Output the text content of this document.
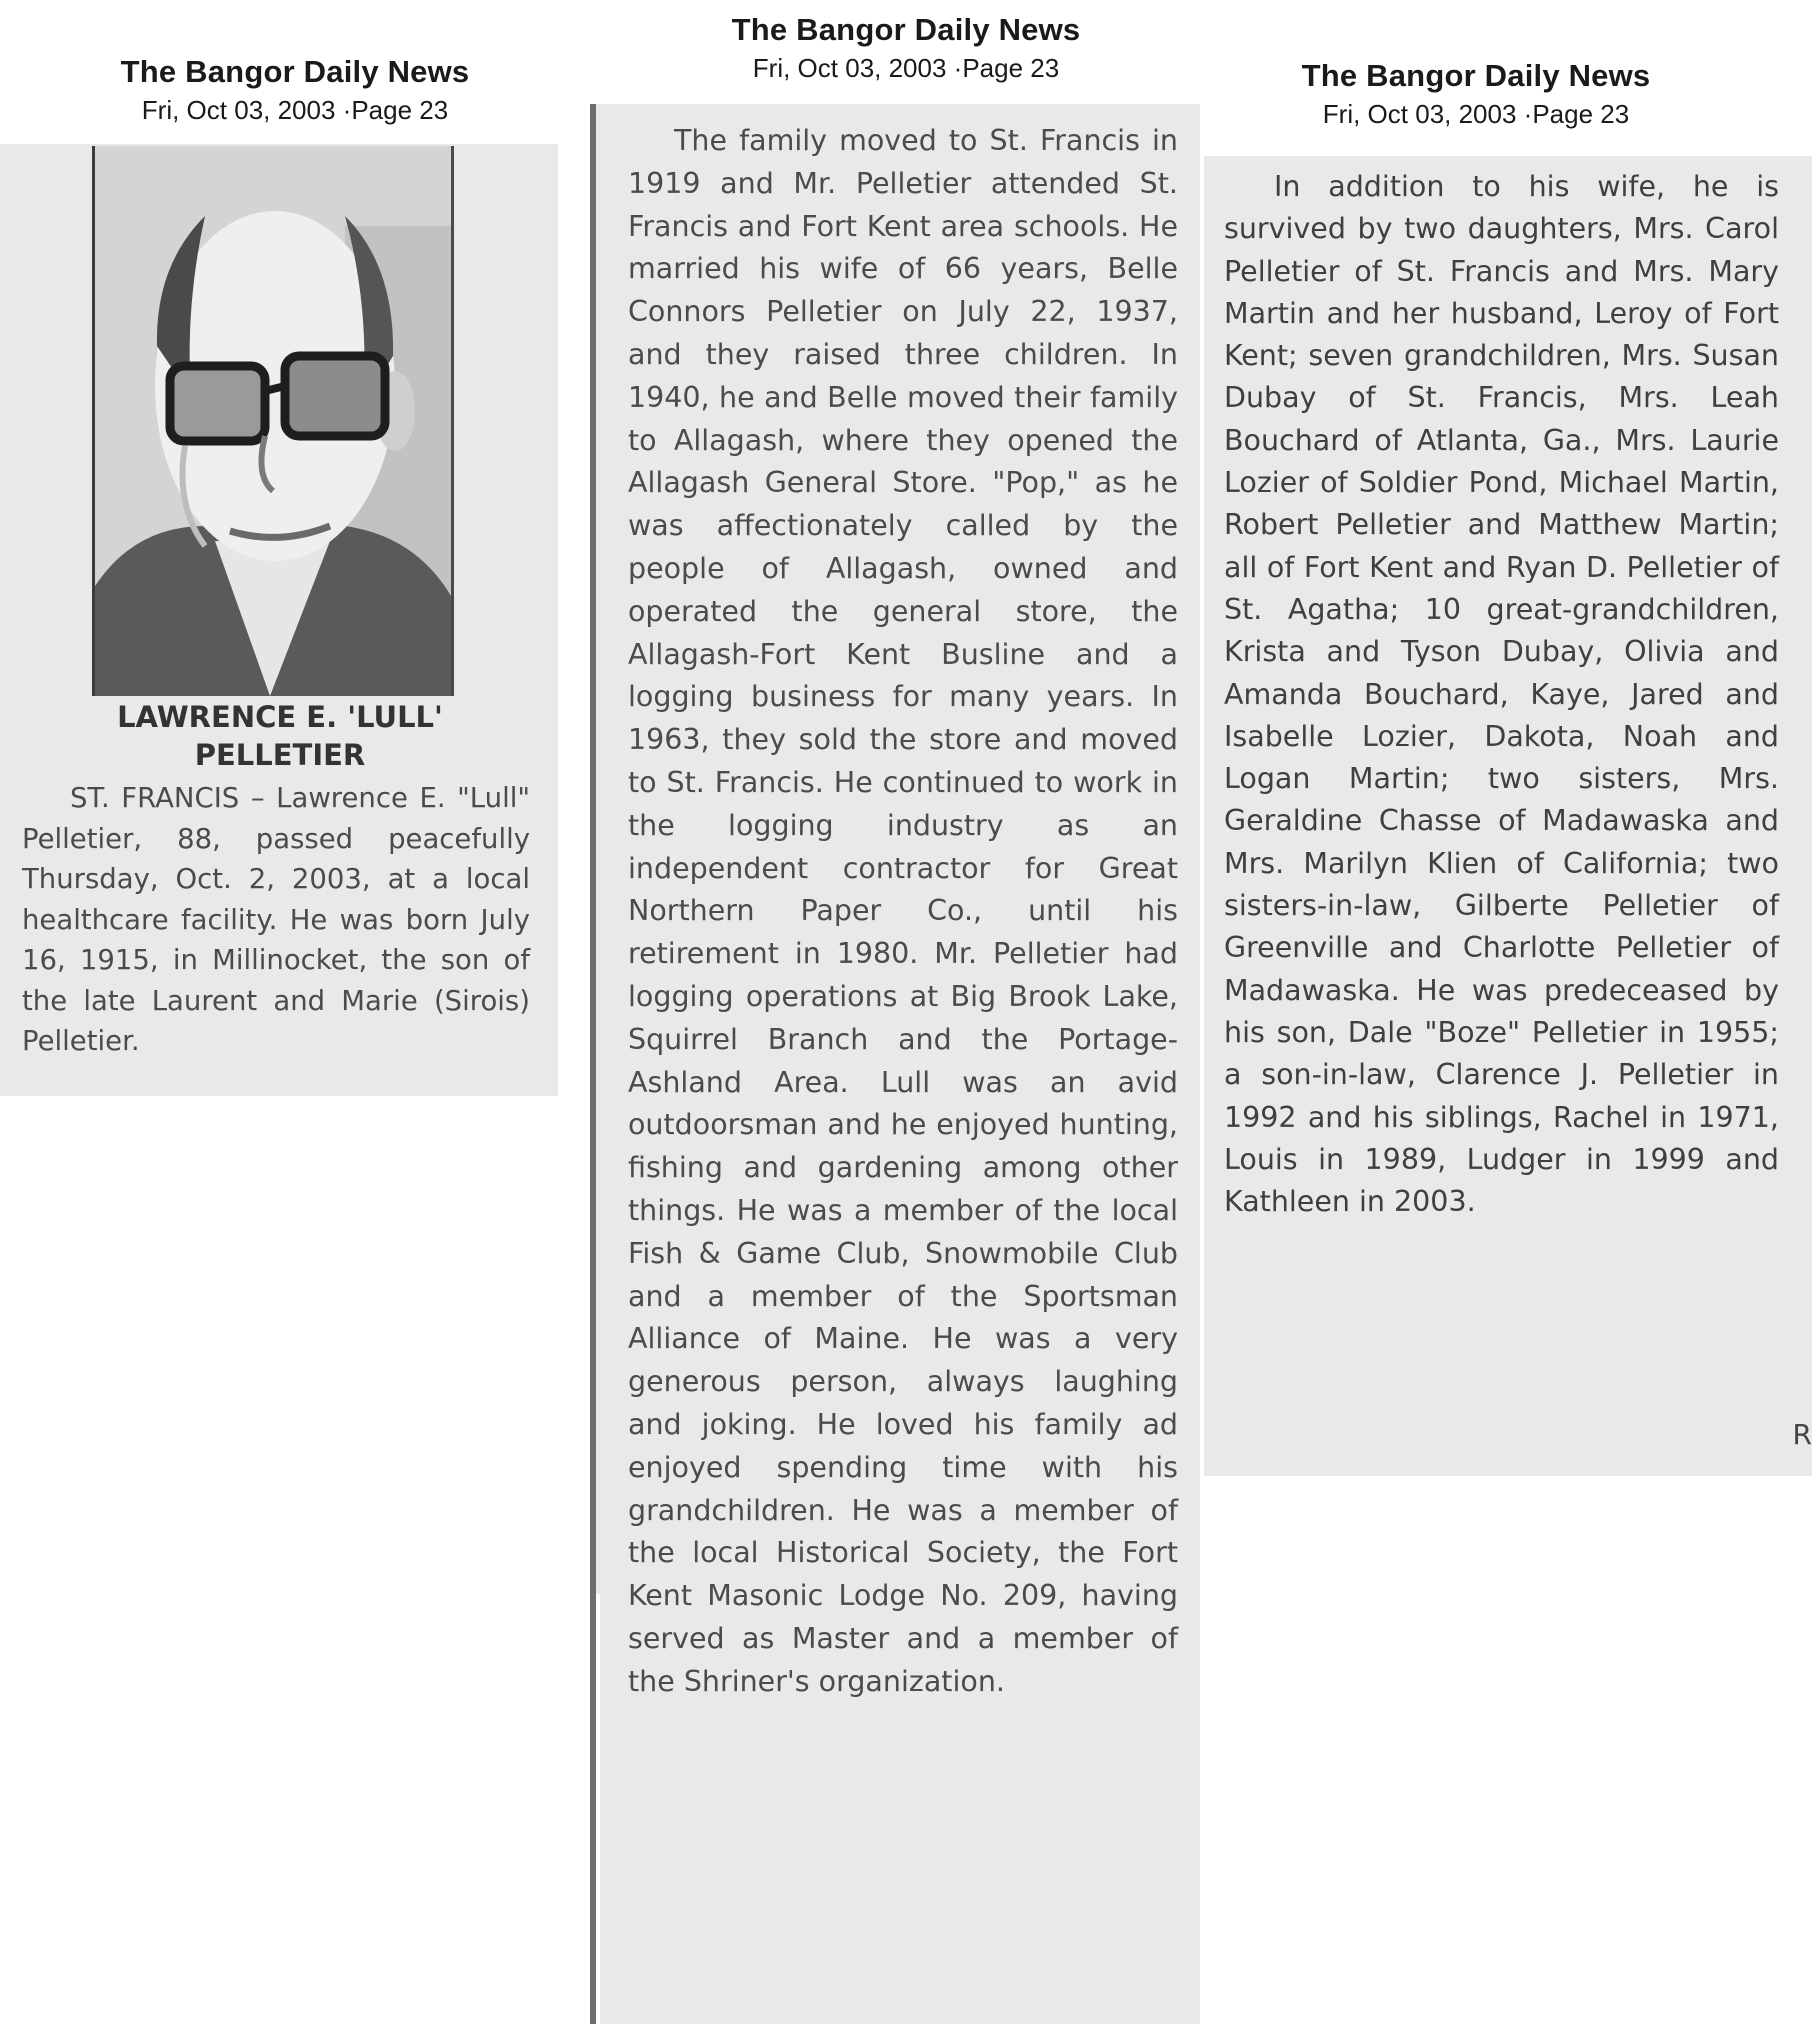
The Bangor Daily News
Fri, Oct 03, 2003 ·Page 23
LAWRENCE E. 'LULL'
PELLETIER

ST. FRANCIS – Lawrence E. "Lull" Pelletier, 88, passed peacefully Thursday, Oct. 2, 2003, at a local healthcare facility. He was born July 16, 1915, in Millinocket, the son of the late Laurent and Marie (Sirois) Pelletier.

The Bangor Daily News
Fri, Oct 03, 2003 ·Page 23

The family moved to St. Francis in 1919 and Mr. Pelletier attended St. Francis and Fort Kent area schools. He married his wife of 66 years, Belle Connors Pelletier on July 22, 1937, and they raised three children. In 1940, he and Belle moved their family to Allagash, where they opened the Allagash General Store. "Pop," as he was affectionately called by the people of Allagash, owned and operated the general store, the Allagash-Fort Kent Busline and a logging business for many years. In 1963, they sold the store and moved to St. Francis. He continued to work in the logging industry as an independent contractor for Great Northern Paper Co., until his retirement in 1980. Mr. Pelletier had logging operations at Big Brook Lake, Squirrel Branch and the Portage-Ashland Area. Lull was an avid outdoorsman and he enjoyed hunting, fishing and gardening among other things. He was a member of the local Fish & Game Club, Snowmobile Club and a member of the Sportsman Alliance of Maine. He was a very generous person, always laughing and joking. He loved his family ad enjoyed spending time with his grandchildren. He was a member of the local Historical Society, the Fort Kent Masonic Lodge No. 209, having served as Master and a member of the Shriner's organization.

The Bangor Daily News
Fri, Oct 03, 2003 ·Page 23

In addition to his wife, he is survived by two daughters, Mrs. Carol Pelletier of St. Francis and Mrs. Mary Martin and her husband, Leroy of Fort Kent; seven grandchildren, Mrs. Susan Dubay of St. Francis, Mrs. Leah Bouchard of Atlanta, Ga., Mrs. Laurie Lozier of Soldier Pond, Michael Martin, Robert Pelletier and Matthew Martin; all of Fort Kent and Ryan D. Pelletier of St. Agatha; 10 great-grandchildren, Krista and Tyson Dubay, Olivia and Amanda Bouchard, Kaye, Jared and Isabelle Lozier, Dakota, Noah and Logan Martin; two sisters, Mrs. Geraldine Chasse of Madawaska and Mrs. Marilyn Klien of California; two sisters-in-law, Gilberte Pelletier of Greenville and Charlotte Pelletier of Madawaska. He was predeceased by his son, Dale "Boze" Pelletier in 1955; a son-in-law, Clarence J. Pelletier in 1992 and his siblings, Rachel in 1971, Louis in 1989, Ludger in 1999 and Kathleen in 2003.

R
